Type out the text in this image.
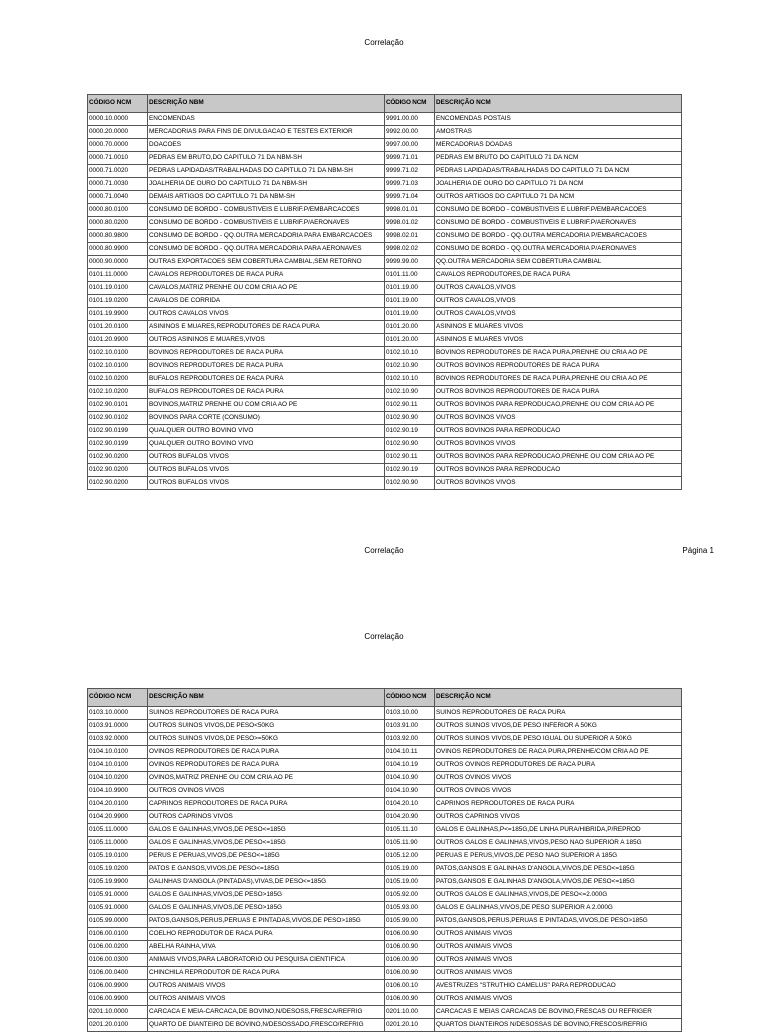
Correlação
CÓDIGO NCM	DESCRIÇÃO NBM	CÓDIGO NCM	DESCRIÇÃO NCM
0000.10.0000	ENCOMENDAS	9991.00.00	ENCOMENDAS POSTAIS
0000.20.0000	MERCADORIAS PARA FINS DE DIVULGACAO E TESTES EXTERIOR	9992.00.00	AMOSTRAS
0000.70.0000	DOACOES	9997.00.00	MERCADORIAS DOADAS
0000.71.0010	PEDRAS EM BRUTO,DO CAPITULO 71 DA NBM-SH	9999.71.01	PEDRAS EM BRUTO DO CAPITULO 71 DA NCM
0000.71.0020	PEDRAS LAPIDADAS/TRABALHADAS DO CAPITULO 71 DA NBM-SH	9999.71.02	PEDRAS LAPIDADAS/TRABALHADAS DO CAPITULO 71 DA NCM
0000.71.0030	JOALHERIA DE OURO DO CAPITULO 71 DA NBM-SH	9999.71.03	JOALHERIA DE OURO DO CAPITULO 71 DA NCM
0000.71.0040	DEMAIS ARTIGOS DO CAPITULO 71 DA NBM-SH	9999.71.04	OUTROS ARTIGOS DO CAPITULO 71 DA NCM
0000.80.0100	CONSUMO DE BORDO - COMBUSTIVEIS E LUBRIF.P/EMBARCACOES	9998.01.01	CONSUMO DE BORDO - COMBUSTIVEIS E LUBRIF.P/EMBARCACOES
0000.80.0200	CONSUMO DE BORDO - COMBUSTIVEIS E LUBRIF.P/AERONAVES	9998.01.02	CONSUMO DE BORDO - COMBUSTIVEIS E LUBRIF.P/AERONAVES
0000.80.9800	CONSUMO DE BORDO - QQ.OUTRA MERCADORIA PARA EMBARCACOES	9998.02.01	CONSUMO DE BORDO - QQ.OUTRA MERCADORIA P/EMBARCACOES
0000.80.9900	CONSUMO DE BORDO - QQ.OUTRA MERCADORIA PARA AERONAVES	9998.02.02	CONSUMO DE BORDO - QQ.OUTRA MERCADORIA P/AERONAVES
0000.90.0000	OUTRAS EXPORTACOES SEM COBERTURA CAMBIAL,SEM RETORNO	9999.99.00	QQ.OUTRA MERCADORIA SEM COBERTURA CAMBIAL
0101.11.0000	CAVALOS REPRODUTORES DE RACA PURA	0101.11.00	CAVALOS REPRODUTORES,DE RACA PURA
0101.19.0100	CAVALOS,MATRIZ PRENHE OU COM CRIA AO PE	0101.19.00	OUTROS CAVALOS,VIVOS
0101.19.0200	CAVALOS DE CORRIDA	0101.19.00	OUTROS CAVALOS,VIVOS
0101.19.9900	OUTROS CAVALOS VIVOS	0101.19.00	OUTROS CAVALOS,VIVOS
0101.20.0100	ASININOS E MUARES,REPRODUTORES DE RACA PURA	0101.20.00	ASININOS E MUARES VIVOS
0101.20.9900	OUTROS ASININOS E MUARES,VIVOS	0101.20.00	ASININOS E MUARES VIVOS
0102.10.0100	BOVINOS REPRODUTORES DE RACA PURA	0102.10.10	BOVINOS REPRODUTORES DE RACA PURA,PRENHE OU CRIA AO PE
0102.10.0100	BOVINOS REPRODUTORES DE RACA PURA	0102.10.90	OUTROS BOVINOS REPRODUTORES DE RACA PURA
0102.10.0200	BUFALOS REPRODUTORES DE RACA PURA	0102.10.10	BOVINOS REPRODUTORES DE RACA PURA,PRENHE OU CRIA AO PE
0102.10.0200	BUFALOS REPRODUTORES DE RACA PURA	0102.10.90	OUTROS BOVINOS REPRODUTORES DE RACA PURA
0102.90.0101	BOVINOS,MATRIZ PRENHE OU COM CRIA AO PE	0102.90.11	OUTROS BOVINOS PARA REPRODUCAO,PRENHE OU COM CRIA AO PE
0102.90.0102	BOVINOS PARA CORTE (CONSUMO)	0102.90.90	OUTROS BOVINOS VIVOS
0102.90.0199	QUALQUER OUTRO BOVINO VIVO	0102.90.19	OUTROS BOVINOS PARA REPRODUCAO
0102.90.0199	QUALQUER OUTRO BOVINO VIVO	0102.90.90	OUTROS BOVINOS VIVOS
0102.90.0200	OUTROS BUFALOS VIVOS	0102.90.11	OUTROS BOVINOS PARA REPRODUCAO,PRENHE OU COM CRIA AO PE
0102.90.0200	OUTROS BUFALOS VIVOS	0102.90.19	OUTROS BOVINOS PARA REPRODUCAO
0102.90.0200	OUTROS BUFALOS VIVOS	0102.90.90	OUTROS BOVINOS VIVOS
Correlação	Página 1
Correlação
CÓDIGO NCM	DESCRIÇÃO NBM	CÓDIGO NCM	DESCRIÇÃO NCM
0103.10.0000	SUINOS REPRODUTORES DE RACA PURA	0103.10.00	SUINOS REPRODUTORES DE RACA PURA
0103.91.0000	OUTROS SUINOS VIVOS,DE PESO<50KG	0103.91.00	OUTROS SUINOS VIVOS,DE PESO INFERIOR A 50KG
0103.92.0000	OUTROS SUINOS VIVOS,DE PESO>=50KG	0103.92.00	OUTROS SUINOS VIVOS,DE PESO IGUAL OU SUPERIOR A 50KG
0104.10.0100	OVINOS REPRODUTORES DE RACA PURA	0104.10.11	OVINOS REPRODUTORES DE RACA PURA,PRENHE/COM CRIA AO PE
0104.10.0100	OVINOS REPRODUTORES DE RACA PURA	0104.10.19	OUTROS OVINOS REPRODUTORES DE RACA PURA
0104.10.0200	OVINOS,MATRIZ PRENHE OU COM CRIA AO PE	0104.10.90	OUTROS OVINOS VIVOS
0104.10.9900	OUTROS OVINOS VIVOS	0104.10.90	OUTROS OVINOS VIVOS
0104.20.0100	CAPRINOS REPRODUTORES DE RACA PURA	0104.20.10	CAPRINOS REPRODUTORES DE RACA PURA
0104.20.9900	OUTROS CAPRINOS VIVOS	0104.20.90	OUTROS CAPRINOS VIVOS
0105.11.0000	GALOS E GALINHAS,VIVOS,DE PESO<=185G	0105.11.10	GALOS E GALINHAS,P<=185G,DE LINHA PURA/HIBRIDA,P/REPROD
0105.11.0000	GALOS E GALINHAS,VIVOS,DE PESO<=185G	0105.11.90	OUTROS GALOS E GALINHAS,VIVOS,PESO NAO SUPERIOR A 185G
0105.19.0100	PERUS E PERUAS,VIVOS,DE PESO<=185G	0105.12.00	PERUAS E PERUS,VIVOS,DE PESO NAO SUPERIOR A 185G
0105.19.0200	PATOS E GANSOS,VIVOS,DE PESO<=185G	0105.19.00	PATOS,GANSOS E GALINHAS D'ANGOLA,VIVOS,DE PESO<=185G
0105.19.9900	GALINHAS D'ANGOLA (PINTADAS),VIVAS,DE PESO<=185G	0105.19.00	PATOS,GANSOS E GALINHAS D'ANGOLA,VIVOS,DE PESO<=185G
0105.91.0000	GALOS E GALINHAS,VIVOS,DE PESO>185G	0105.92.00	OUTROS GALOS E GALINHAS,VIVOS,DE PESO<=2.000G
0105.91.0000	GALOS E GALINHAS,VIVOS,DE PESO>185G	0105.93.00	GALOS E GALINHAS,VIVOS,DE PESO SUPERIOR A 2.000G
0105.99.0000	PATOS,GANSOS,PERUS,PERUAS E PINTADAS,VIVOS,DE PESO>185G	0105.99.00	PATOS,GANSOS,PERUS,PERUAS E PINTADAS,VIVOS,DE PESO>185G
0106.00.0100	COELHO REPRODUTOR DE RACA PURA	0106.00.90	OUTROS ANIMAIS VIVOS
0106.00.0200	ABELHA RAINHA,VIVA	0106.00.90	OUTROS ANIMAIS VIVOS
0106.00.0300	ANIMAIS VIVOS,PARA LABORATORIO OU PESQUISA CIENTIFICA	0106.00.90	OUTROS ANIMAIS VIVOS
0106.00.0400	CHINCHILA REPRODUTOR DE RACA PURA	0106.00.90	OUTROS ANIMAIS VIVOS
0106.00.9900	OUTROS ANIMAIS VIVOS	0106.00.10	AVESTRUZES "STRUTHIO CAMELUS" PARA REPRODUCAO
0106.00.9900	OUTROS ANIMAIS VIVOS	0106.00.90	OUTROS ANIMAIS VIVOS
0201.10.0000	CARCACA E MEIA-CARCACA,DE BOVINO,N/DESOSS,FRESCA/REFRIG	0201.10.00	CARCACAS E MEIAS CARCACAS DE BOVINO,FRESCAS OU REFRIGER
0201.20.0100	QUARTO DE DIANTEIRO DE BOVINO,N/DESOSSADO,FRESCO/REFRIG	0201.20.10	QUARTOS DIANTEIROS N/DESOSSAS DE BOVINO,FRESCOS/REFRIG
